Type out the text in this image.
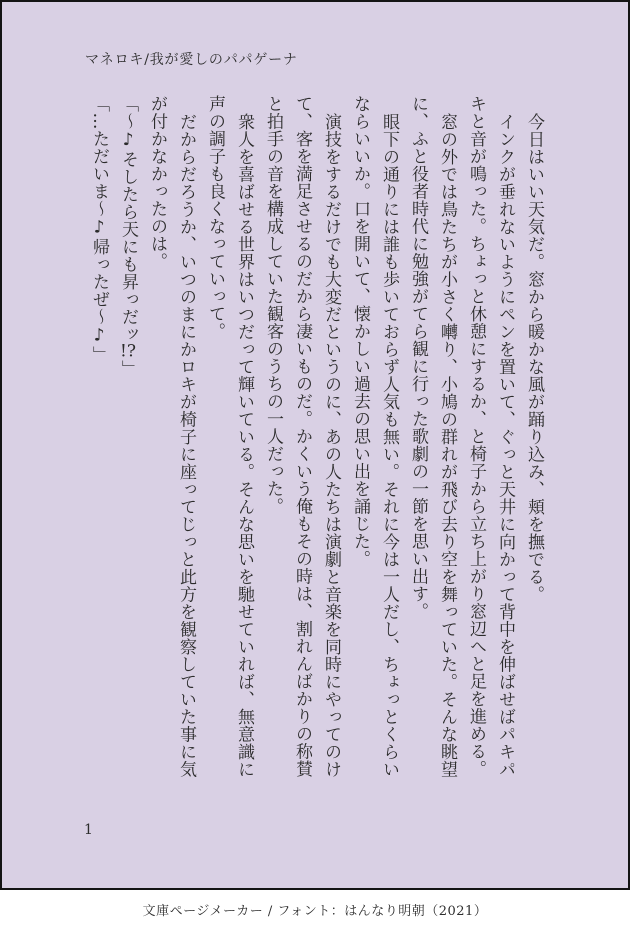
マネロキ/我が愛しのパパゲーナ

今日はいい天気だ。窓から暖かな風が踊り込み、頬を撫でる。

インクが垂れないようにペンを置いて、ぐっと天井に向かって背中を伸ばせばパキパキと音が鳴った。ちょっと休憩にするか、と椅子から立ち上がり窓辺へと足を進める。

窓の外では鳥たちが小さく囀り、小鳩の群れが飛び去り空を舞っていた。そんな眺望に、ふと役者時代に勉強がてら観に行った歌劇の一節を思い出す。

眼下の通りには誰も歩いておらず人気も無い。それに今は一人だし、ちょっとくらいならいいか。口を開いて、懐かしい過去の思い出を誦じた。

演技をするだけでも大変だというのに、あの人たちは演劇と音楽を同時にやってのけて、客を満足させるのだから凄いものだ。かくいう俺もその時は、割れんばかりの称賛と拍手の音を構成していた観客のうちの一人だった。

衆人を喜ばせる世界はいつだって輝いている。そんな思いを馳せていれば、無意識に声の調子も良くなっていって。

だからだろうか、いつのまにかロキが椅子に座ってじっと此方を観察していた事に気が付かなかったのは。

「〜♪そしたら天にも昇っだッ!?」

「…ただいま〜♪帰ったぜ〜♪」

1
文庫ページメーカー / フォント：はんなり明朝（2021）
